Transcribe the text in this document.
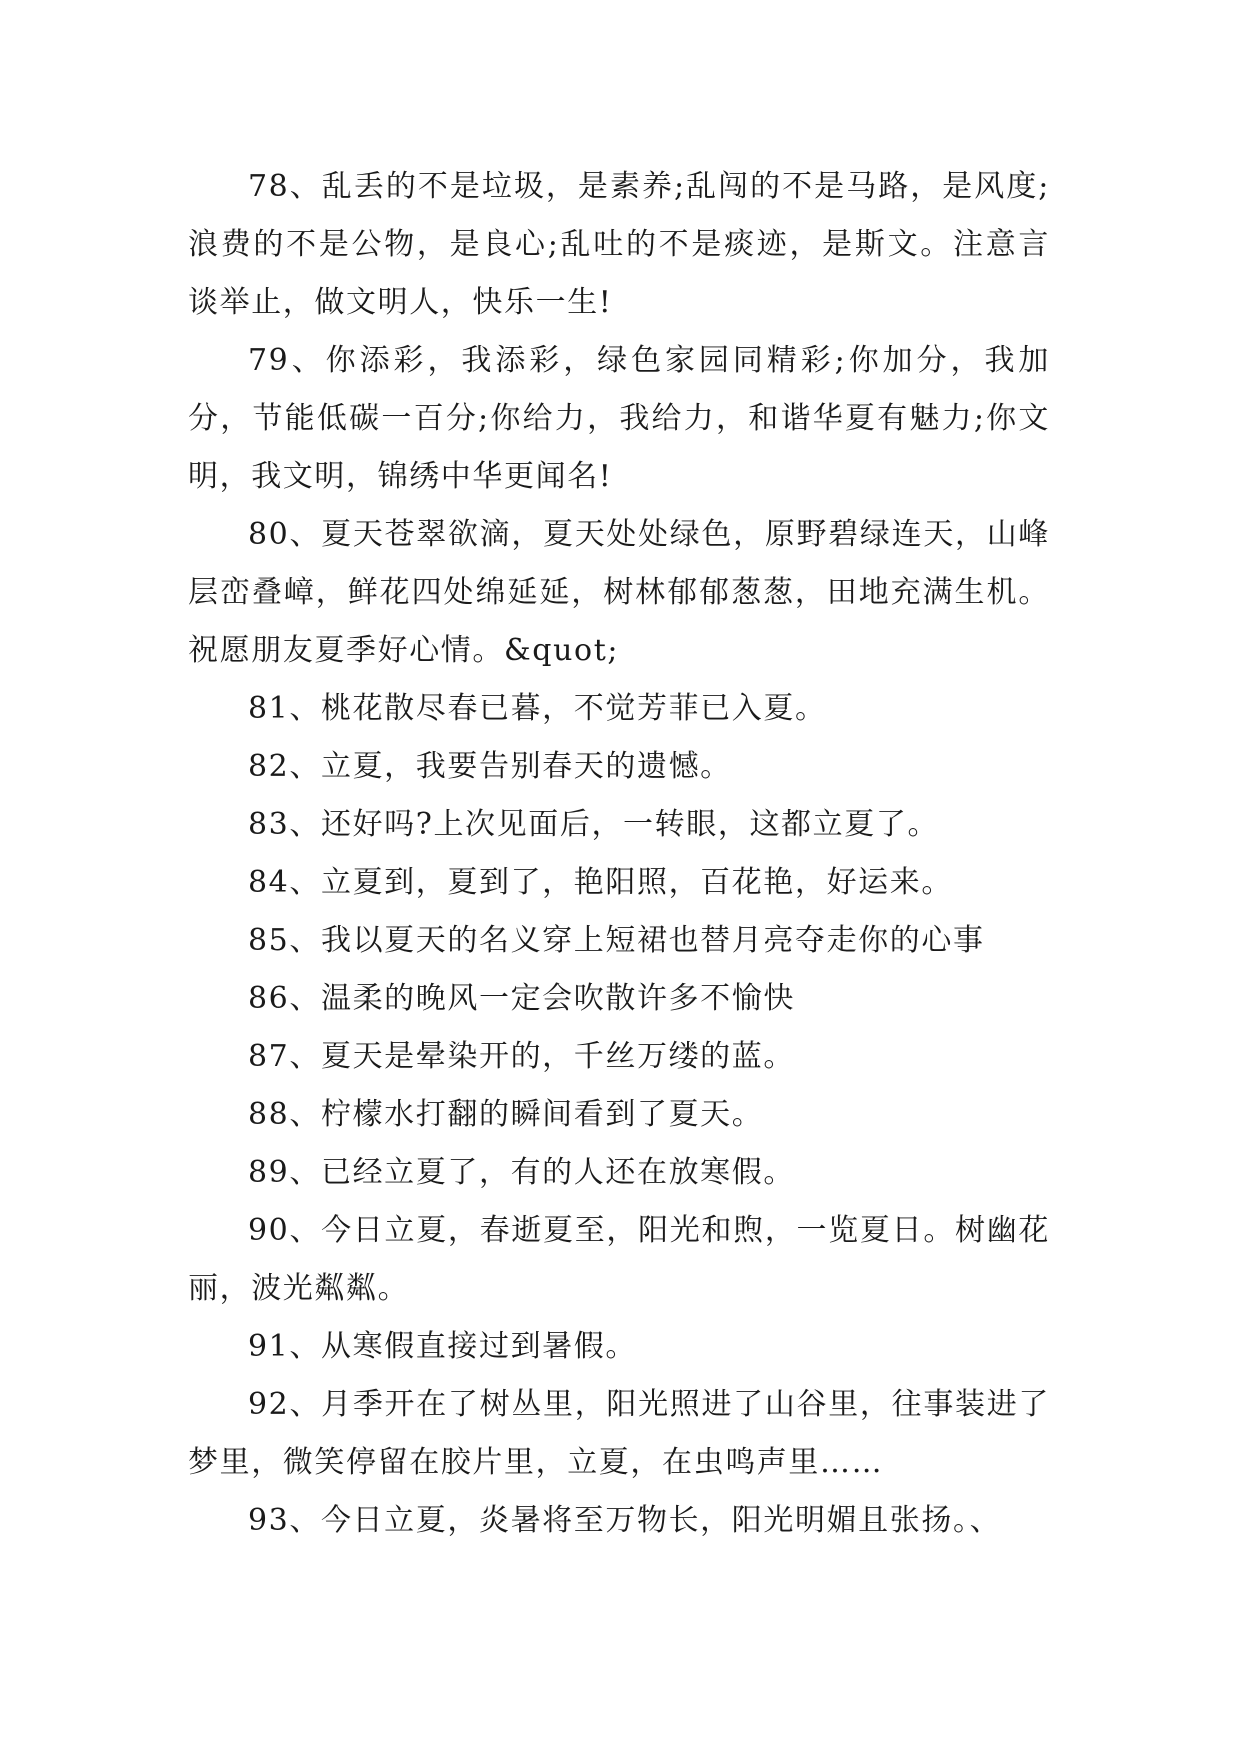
78、乱丢的不是垃圾，是素养;乱闯的不是马路，是风度;浪费的不是公物，是良心;乱吐的不是痰迹，是斯文。注意言谈举止，做文明人，快乐一生!

79、你添彩，我添彩，绿色家园同精彩;你加分，我加分，节能低碳一百分;你给力，我给力，和谐华夏有魅力;你文明，我文明，锦绣中华更闻名!

80、夏天苍翠欲滴，夏天处处绿色，原野碧绿连天，山峰层峦叠嶂，鲜花四处绵延延，树林郁郁葱葱，田地充满生机。祝愿朋友夏季好心情。&quot;

81、桃花散尽春已暮，不觉芳菲已入夏。

82、立夏，我要告别春天的遗憾。

83、还好吗?上次见面后，一转眼，这都立夏了。

84、立夏到，夏到了，艳阳照，百花艳，好运来。

85、我以夏天的名义穿上短裙也替月亮夺走你的心事

86、温柔的晚风一定会吹散许多不愉快

87、夏天是晕染开的，千丝万缕的蓝。

88、柠檬水打翻的瞬间看到了夏天。

89、已经立夏了，有的人还在放寒假。

90、今日立夏，春逝夏至，阳光和煦，一览夏日。树幽花丽，波光粼粼。

91、从寒假直接过到暑假。

92、月季开在了树丛里，阳光照进了山谷里，往事装进了梦里，微笑停留在胶片里，立夏，在虫鸣声里……

93、今日立夏，炎暑将至万物长，阳光明媚且张扬。、
